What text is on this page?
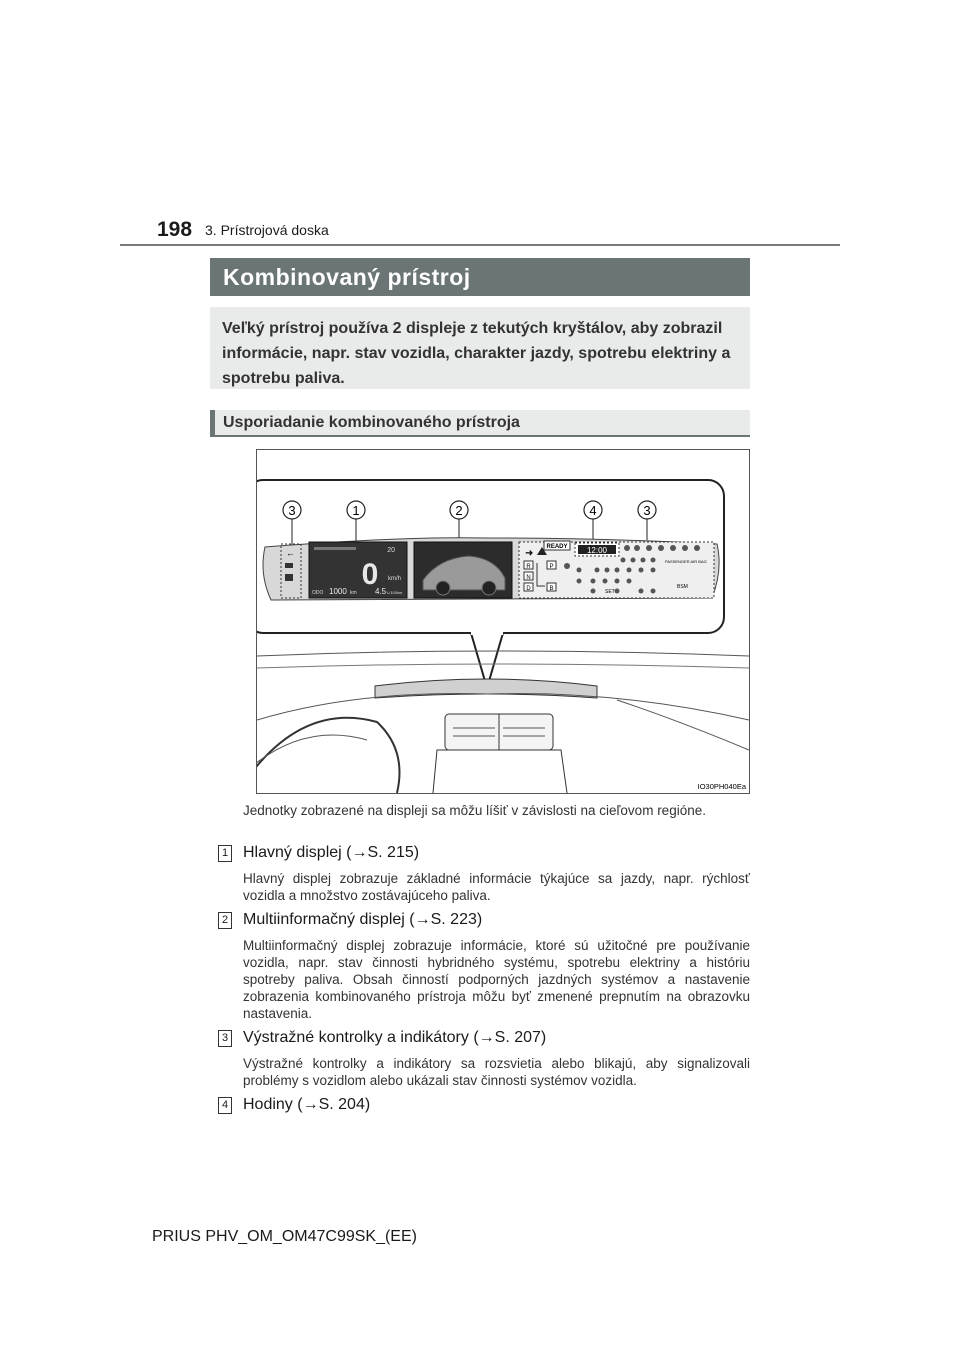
198 3. Prístrojová doska
Kombinovaný prístroj
Veľký prístroj používa 2 displeje z tekutých kryštálov, aby zobrazil informácie, napr. stav vozidla, charakter jazdy, spotrebu elektriny a spotrebu paliva.
Usporiadanie kombinovaného prístroja
3	1	2	4	3
←	20
0 km/h
ODO 1000 km 4.5 L/100km
➜
READY 12:00
R
N
D
P
B	SET
PASSENGER AIR BAG
BSM
IO30PH040Ea
Jednotky zobrazené na displeji sa môžu líšiť v závislosti na cieľovom regióne.
1 Hlavný displej (→S. 215)
Hlavný displej zobrazuje základné informácie týkajúce sa jazdy, napr. rýchlosť vozidla a množstvo zostávajúceho paliva.
2 Multiinformačný displej (→S. 223)
Multiinformačný displej zobrazuje informácie, ktoré sú užitočné pre používanie vozidla, napr. stav činnosti hybridného systému, spotrebu elektriny a históriu spotreby paliva. Obsah činností podporných jazdných systémov a nastavenie zobrazenia kombinovaného prístroja môžu byť zmenené prepnutím na obrazovku nastavenia.
3 Výstražné kontrolky a indikátory (→S. 207)
Výstražné kontrolky a indikátory sa rozsvietia alebo blikajú, aby signalizovali problémy s vozidlom alebo ukázali stav činnosti systémov vozidla.
4 Hodiny (→S. 204)
PRIUS PHV_OM_OM47C99SK_(EE)
